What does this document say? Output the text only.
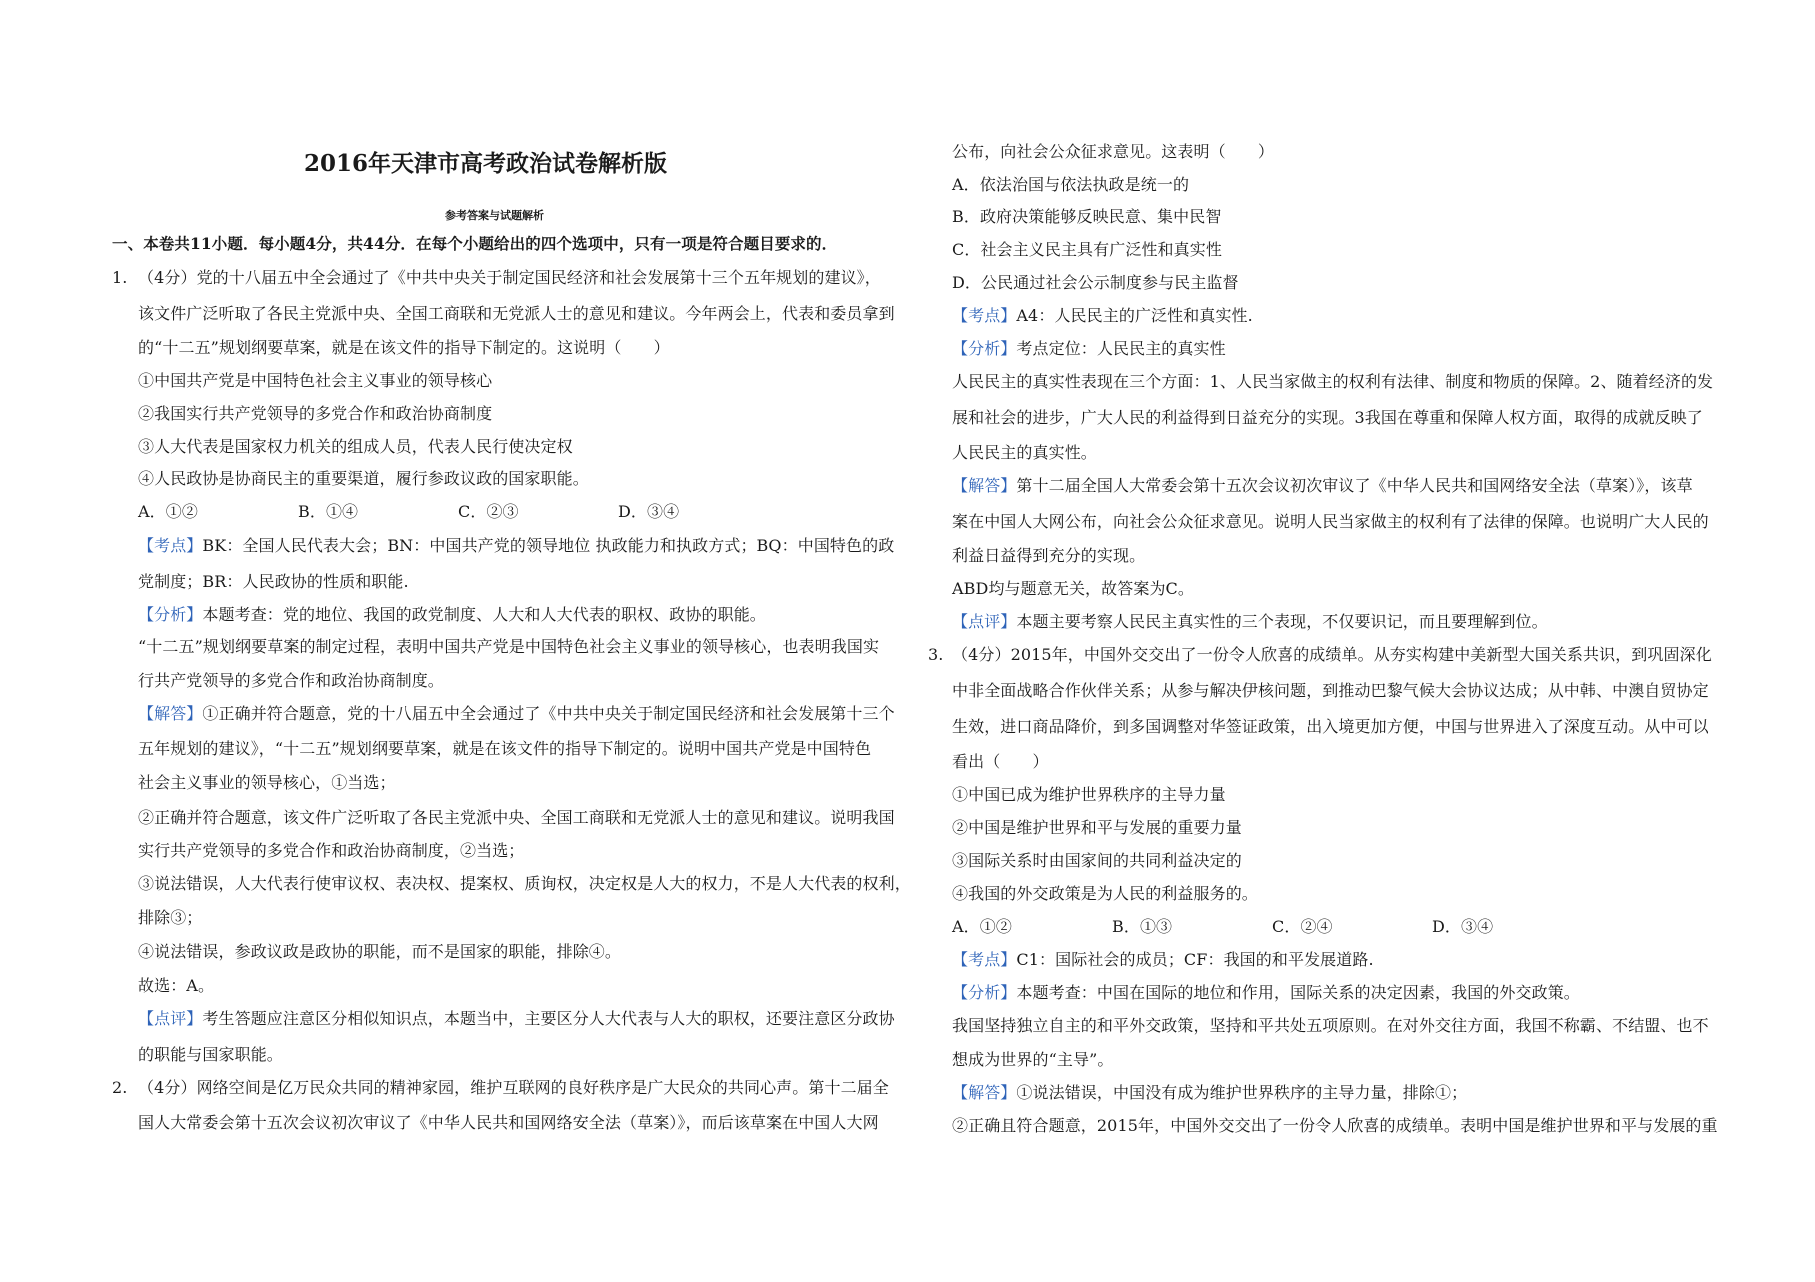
2016年天津市高考政治试卷解析版
参考答案与试题解析
一、本卷共11小题．每小题4分，共44分．在每个小题给出的四个选项中，只有一项是符合题目要求的．
1. （4分）党的十八届五中全会通过了《中共中央关于制定国民经济和社会发展第十三个五年规划的建议》，
该文件广泛听取了各民主党派中央、全国工商联和无党派人士的意见和建议。今年两会上，代表和委员拿到
的“十二五”规划纲要草案，就是在该文件的指导下制定的。这说明（　　）
①中国共产党是中国特色社会主义事业的领导核心
②我国实行共产党领导的多党合作和政治协商制度
③人大代表是国家权力机关的组成人员，代表人民行使决定权
④人民政协是协商民主的重要渠道，履行参政议政的国家职能。
A．①②	B．①④	C．②③	D．③④
【考点】BK：全国人民代表大会；BN：中国共产党的领导地位 执政能力和执政方式；BQ：中国特色的政
党制度；BR：人民政协的性质和职能.
【分析】本题考查：党的地位、我国的政党制度、人大和人大代表的职权、政协的职能。
“十二五”规划纲要草案的制定过程，表明中国共产党是中国特色社会主义事业的领导核心，也表明我国实
行共产党领导的多党合作和政治协商制度。
【解答】①正确并符合题意，党的十八届五中全会通过了《中共中央关于制定国民经济和社会发展第十三个
五年规划的建议》，“十二五”规划纲要草案，就是在该文件的指导下制定的。说明中国共产党是中国特色
社会主义事业的领导核心，①当选；
②正确并符合题意，该文件广泛听取了各民主党派中央、全国工商联和无党派人士的意见和建议。说明我国
实行共产党领导的多党合作和政治协商制度，②当选；
③说法错误，人大代表行使审议权、表决权、提案权、质询权，决定权是人大的权力，不是人大代表的权利，
排除③；
④说法错误，参政议政是政协的职能，而不是国家的职能，排除④。
故选：A。
【点评】考生答题应注意区分相似知识点，本题当中，主要区分人大代表与人大的职权，还要注意区分政协
的职能与国家职能。
2. （4分）网络空间是亿万民众共同的精神家园，维护互联网的良好秩序是广大民众的共同心声。第十二届全
国人大常委会第十五次会议初次审议了《中华人民共和国网络安全法（草案）》，而后该草案在中国人大网
公布，向社会公众征求意见。这表明（　　）
A．依法治国与依法执政是统一的
B．政府决策能够反映民意、集中民智
C．社会主义民主具有广泛性和真实性
D．公民通过社会公示制度参与民主监督
【考点】A4：人民民主的广泛性和真实性.
【分析】考点定位：人民民主的真实性
人民民主的真实性表现在三个方面：1、人民当家做主的权利有法律、制度和物质的保障。2、随着经济的发
展和社会的进步，广大人民的利益得到日益充分的实现。3我国在尊重和保障人权方面，取得的成就反映了
人民民主的真实性。
【解答】第十二届全国人大常委会第十五次会议初次审议了《中华人民共和国网络安全法（草案）》，该草
案在中国人大网公布，向社会公众征求意见。说明人民当家做主的权利有了法律的保障。也说明广大人民的
利益日益得到充分的实现。
ABD均与题意无关，故答案为C。
【点评】本题主要考察人民民主真实性的三个表现，不仅要识记，而且要理解到位。
3. （4分）2015年，中国外交交出了一份令人欣喜的成绩单。从夯实构建中美新型大国关系共识，到巩固深化
中非全面战略合作伙伴关系；从参与解决伊核问题，到推动巴黎气候大会协议达成；从中韩、中澳自贸协定
生效，进口商品降价，到多国调整对华签证政策，出入境更加方便，中国与世界进入了深度互动。从中可以
看出（　　）
①中国已成为维护世界秩序的主导力量
②中国是维护世界和平与发展的重要力量
③国际关系时由国家间的共同利益决定的
④我国的外交政策是为人民的利益服务的。
A．①②	B．①③	C．②④	D．③④
【考点】C1：国际社会的成员；CF：我国的和平发展道路.
【分析】本题考查：中国在国际的地位和作用，国际关系的决定因素，我国的外交政策。
我国坚持独立自主的和平外交政策，坚持和平共处五项原则。在对外交往方面，我国不称霸、不结盟、也不
想成为世界的“主导”。
【解答】①说法错误，中国没有成为维护世界秩序的主导力量，排除①；
②正确且符合题意，2015年，中国外交交出了一份令人欣喜的成绩单。表明中国是维护世界和平与发展的重
